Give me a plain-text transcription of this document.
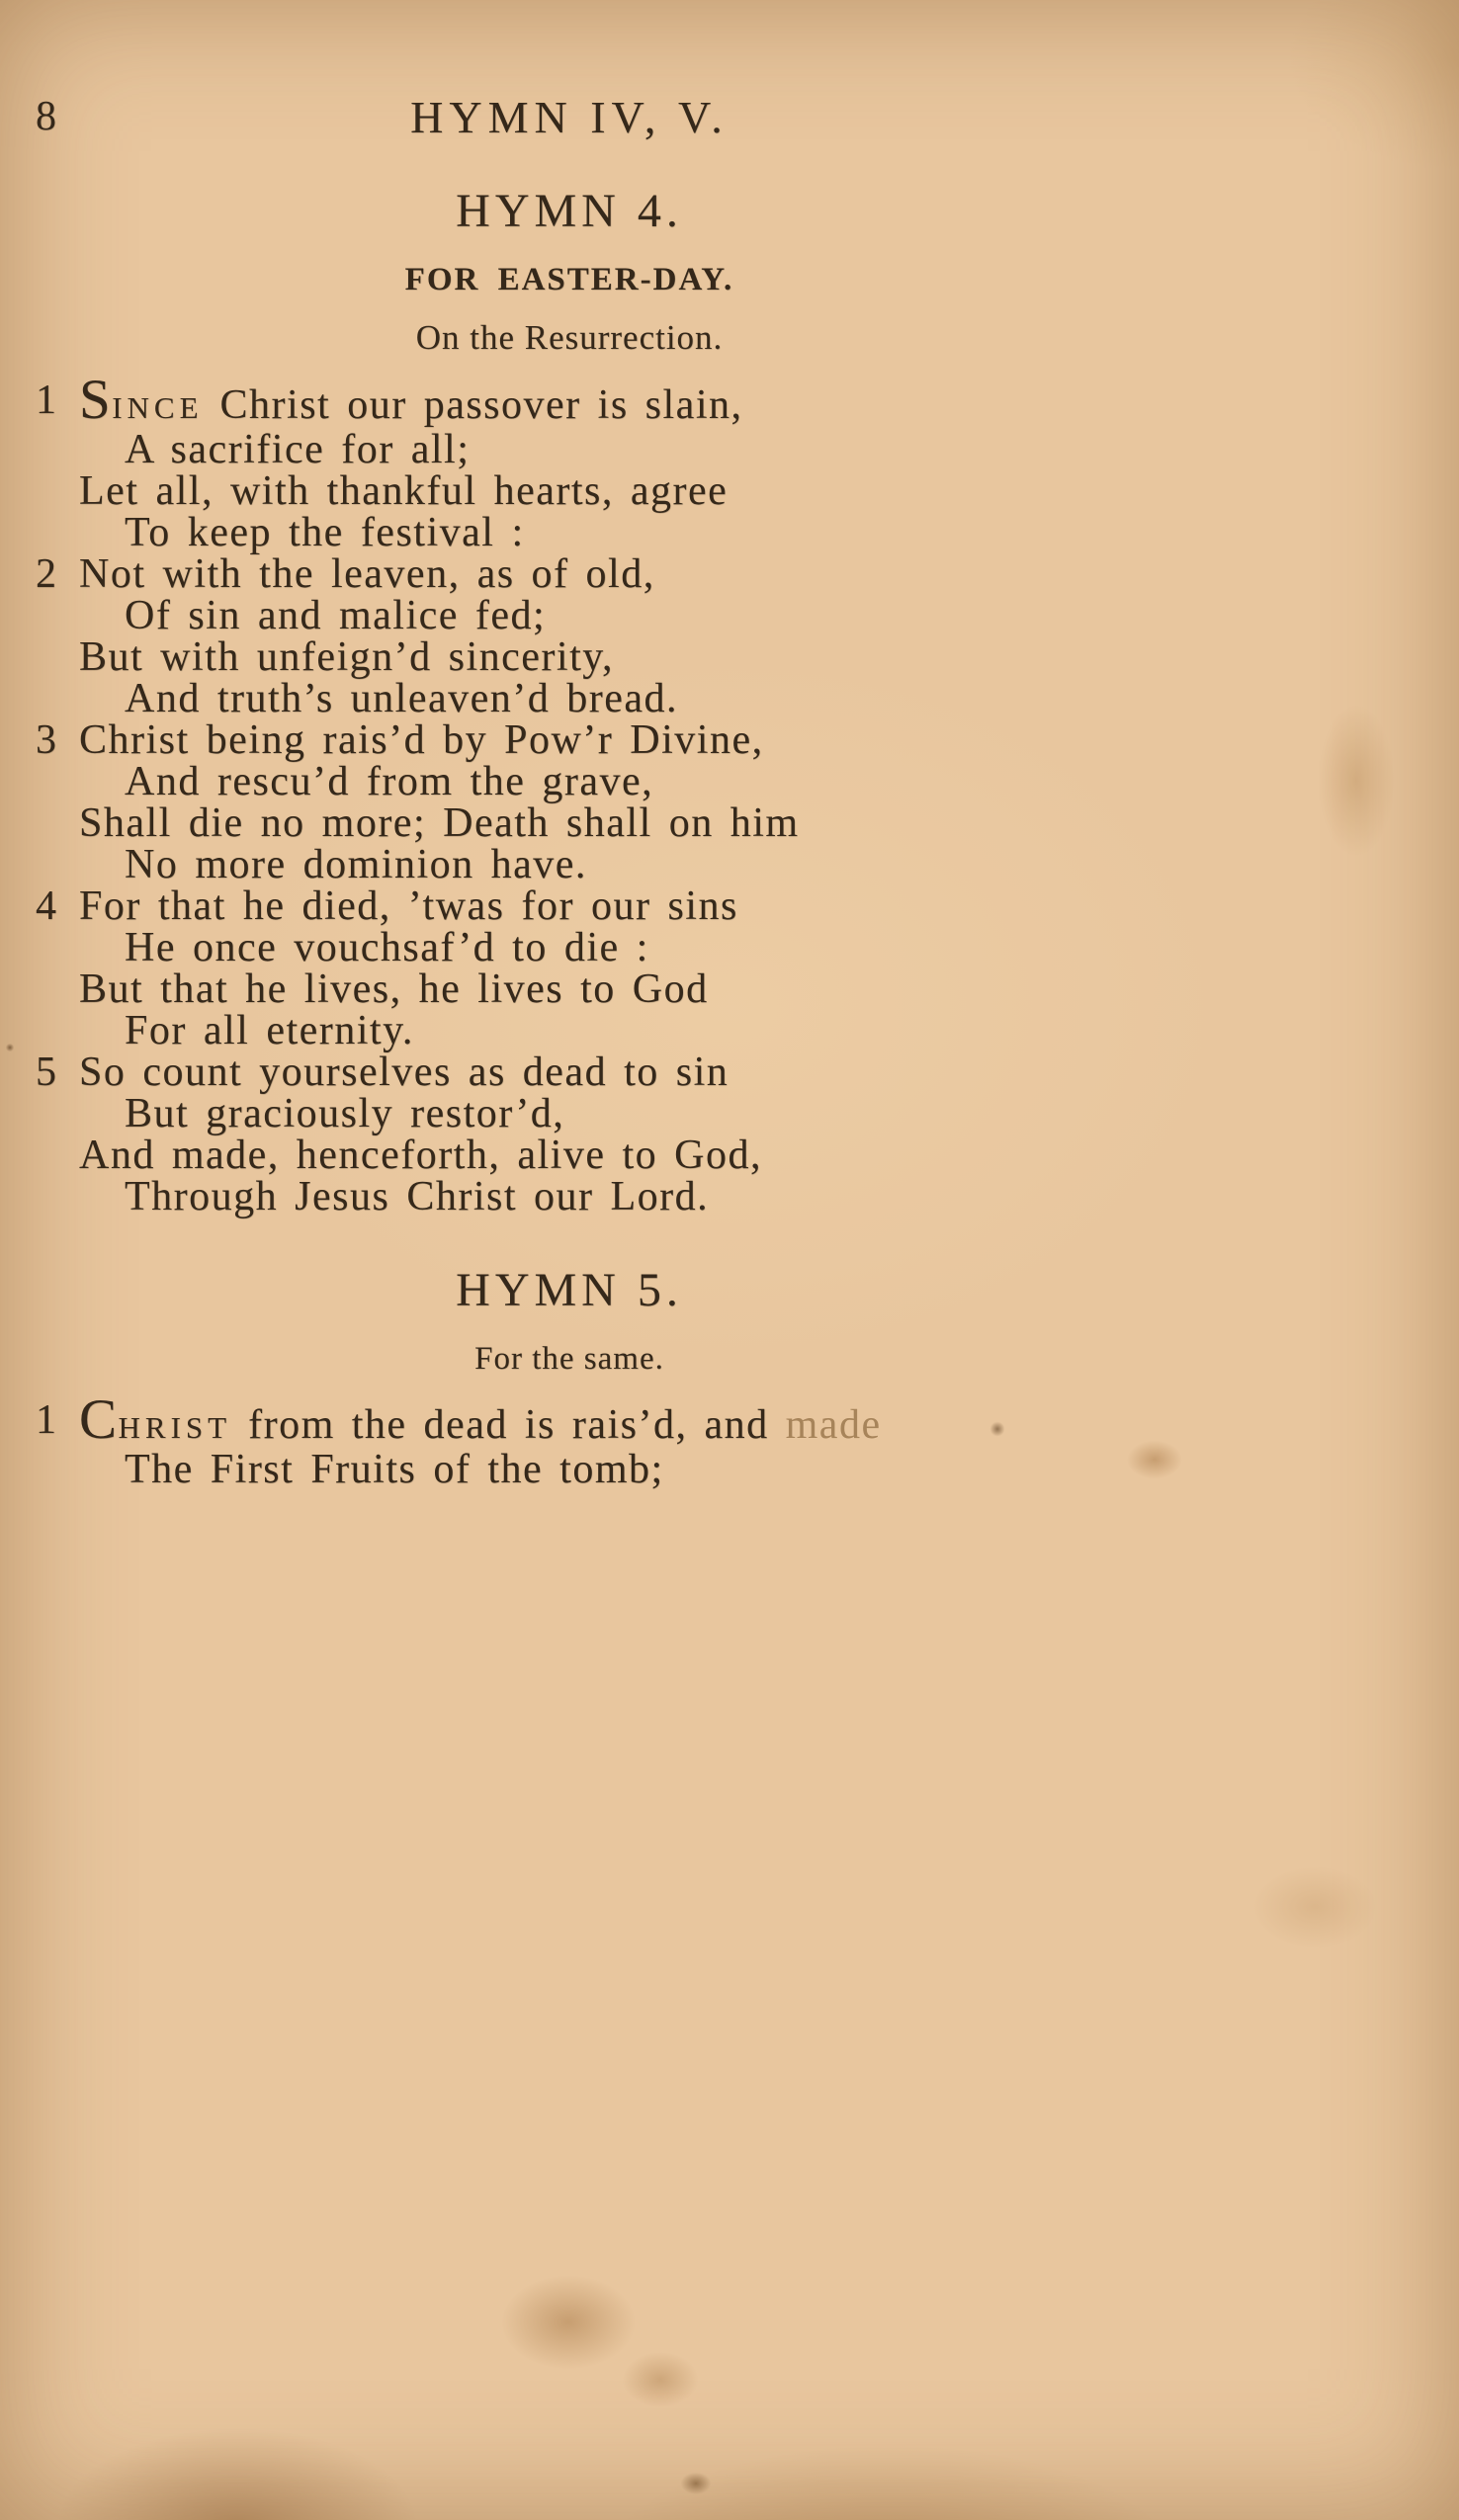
8	HYMN IV, V.
HYMN 4.
FOR EASTER-DAY.
On the Resurrection.
1 SINCE Christ our passover is slain,
A sacrifice for all;
Let all, with thankful hearts, agree
To keep the festival :
2 Not with the leaven, as of old,
Of sin and malice fed;
But with unfeign’d sincerity,
And truth’s unleaven’d bread.
3 Christ being rais’d by Pow’r Divine,
And rescu’d from the grave,
Shall die no more; Death shall on him
No more dominion have.
4 For that he died, ’twas for our sins
He once vouchsaf’d to die :
But that he lives, he lives to God
For all eternity.
5 So count yourselves as dead to sin
But graciously restor’d,
And made, henceforth, alive to God,
Through Jesus Christ our Lord.
HYMN 5.
For the same.
1 CHRIST from the dead is rais’d, and made
The First Fruits of the tomb;
